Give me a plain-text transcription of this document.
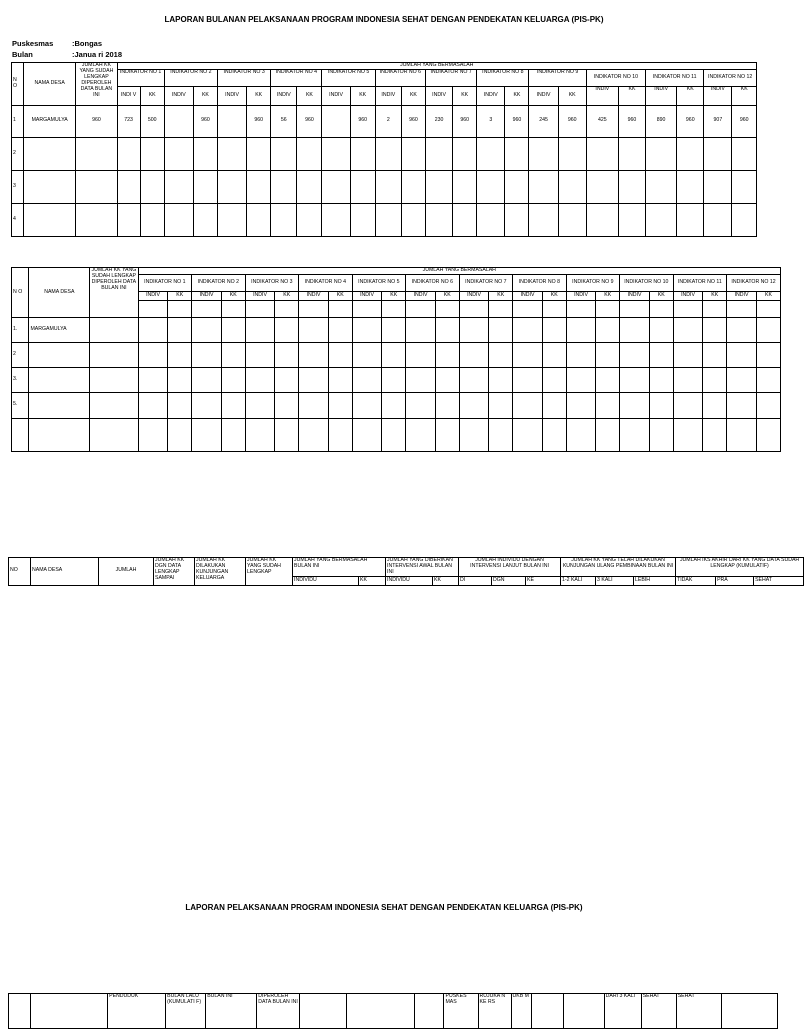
LAPORAN BULANAN PELAKSANAAN PROGRAM INDONESIA SEHAT DENGAN PENDEKATAN KELUARGA (PIS-PK)
Puskesmas :Bongas
Bulan	:Janua ri 2018
N O	NAMA DESA	JUMLAH KK YANG SUDAH LENGKAP DIPEROLEH DATA BULAN INI	JUMLAH YANG BERMASALAH																							
			INDIKATOR NO 1		INDIKATOR NO 2		INDIKATOR NO 3		INDIKATOR NO 4		INDIKATOR NO 5		INDIKATOR NO 6		INDIKATOR NO 7		INDIKATOR NO 8		INDIKATOR NO 9		INDIKATOR NO 10		INDIKATOR NO 11		INDIKATOR NO 12	
																					INDIV	KK	INDIV	KK	INDIV	KK
			INDI V	KK	INDIV	KK	INDIV	KK	INDIV	KK	INDIV	KK	INDIV	KK	INDIV	KK	INDIV	KK	INDIV	KK						
1	MARGAMULYA	960	723	500		960		960	56	960		960	2	960	230	960	3	960	245	960	425	960	890	960	907	960
2																										
3																										
4																										
N O	NAMA DESA	JUMLAH KK YANG SUDAH LENGKAP DIPEROLEH DATA BULAN INI	JUMLAH YANG BERMASALAH																							
			INDIKATOR NO 1		INDIKATOR NO 2		INDIKATOR NO 3		INDIKATOR NO 4		INDIKATOR NO 5		INDIKATOR NO 6		INDIKATOR NO 7		INDIKATOR NO 8		INDIKATOR NO 9		INDIKATOR NO 10		INDIKATOR NO 11		INDIKATOR NO 12	
			INDIV	KK	INDIV	KK	INDIV	KK	INDIV	KK	INDIV	KK	INDIV	KK	INDIV	KK	INDIV	KK	INDIV	KK	INDIV	KK	INDIV	KK	INDIV	KK

1.	MARGAMULYA																									
2																										
3.																										
5.																										

NO	NAMA DESA	JUMLAH	JUMLAH KK DGN DATA LENGKAP SAMPAI	JUMLAH KK DILAKUKAN KUNJUNGAN KELUARGA	JUMLAH KK YANG SUDAH LENGKAP	JUMLAH YANG BERMASALAH BULAN INI		JUMLAH YANG DIBERIKAN INTERVENSI AWAL BULAN INI		JUMLAH INDIVIDU DENGAN INTERVENSI LANJUT BULAN INI			JUMLAH KK YANG TELAH DILAKUKAN KUNJUNGAN ULANG PEMBINAAN BULAN INI			JUMLAH IKS AKHIR DARI KK YANG DATA SUDAH LENGKAP (KUMULATIF)		
						INDIVIDU	KK	INDIVIDU	KK	DI	DGN	KE	1-2 KALI	3 KALI	LEBIH	TIDAK	PRA	SEHAT
LAPORAN PELAKSANAAN PROGRAM INDONESIA SEHAT DENGAN PENDEKATAN KELUARGA (PIS-PK)
		PENDUDUK	BULAN LALU (KUMULATI F)	BULAN INI	DIPEROLEH DATA BULAN INI				PUSKES MAS	RUJUKA N KE RS	UKB M			DARI 3 KALI	SEHAT	SEHAT	
